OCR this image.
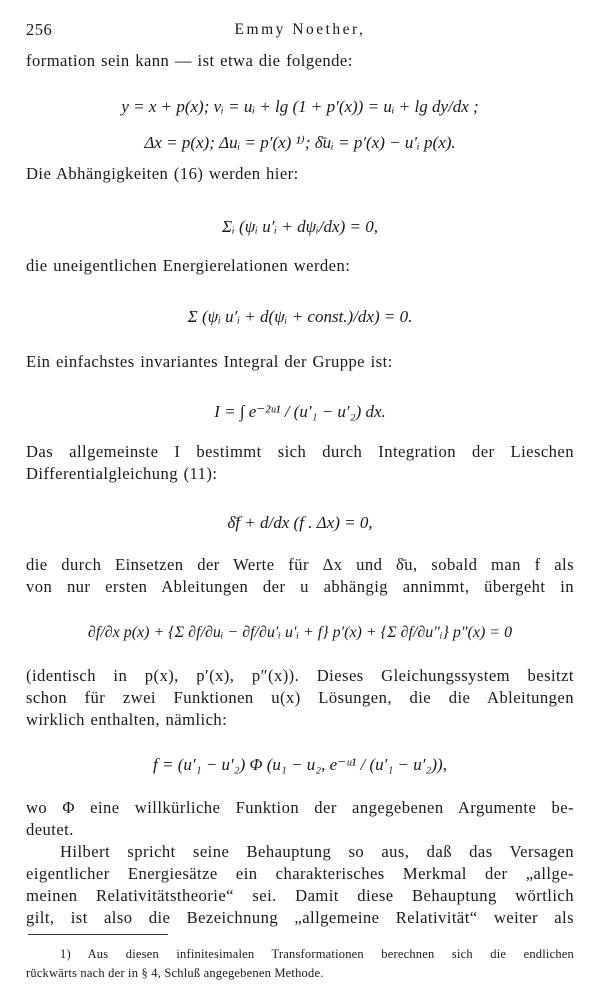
256	Emmy Noether,
formation sein kann — ist etwa die folgende:
y = x + p(x); vᵢ = uᵢ + lg (1 + p′(x)) = uᵢ + lg dy/dx ;
Δx = p(x); Δuᵢ = p′(x) ¹⁾; δ̄uᵢ = p′(x) − u′ᵢ p(x).
Die Abhängigkeiten (16) werden hier:
Σᵢ (ψᵢ u′ᵢ + dψᵢ/dx) = 0,
die uneigentlichen Energierelationen werden:
Σ (ψᵢ u′ᵢ + d(ψᵢ + const.)/dx) = 0.
Ein einfachstes invariantes Integral der Gruppe ist:
I = ∫ e⁻²ᵘ¹ / (u′₁ − u′₂) dx.
Das allgemeinste I bestimmt sich durch Integration der Lieschen
Differentialgleichung (11):
δ̄f + d/dx (f . Δx) = 0,
die durch Einsetzen der Werte für Δx und δ̄u, sobald man f als
von nur ersten Ableitungen der u abhängig annimmt, übergeht in
∂f/∂x p(x) + {Σ ∂f/∂uᵢ − ∂f/∂u′ᵢ u′ᵢ + f} p′(x) + {Σ ∂f/∂u″ᵢ} p″(x) = 0
(identisch in p(x), p′(x), p″(x)). Dieses Gleichungssystem besitzt
schon für zwei Funktionen u(x) Lösungen, die die Ableitungen
wirklich enthalten, nämlich:
f = (u′₁ − u′₂) Φ (u₁ − u₂, e⁻ᵘ¹ / (u′₁ − u′₂)),
wo Φ eine willkürliche Funktion der angegebenen Argumente be-
deutet.
Hilbert spricht seine Behauptung so aus, daß das Versagen
eigentlicher Energiesätze ein charakterisches Merkmal der „allge-
meinen Relativitätstheorie“ sei. Damit diese Behauptung wörtlich
gilt, ist also die Bezeichnung „allgemeine Relativität“ weiter als
1) Aus diesen infinitesimalen Transformationen berechnen sich die endlichen
rückwärts nach der in § 4, Schluß angegebenen Methode.
